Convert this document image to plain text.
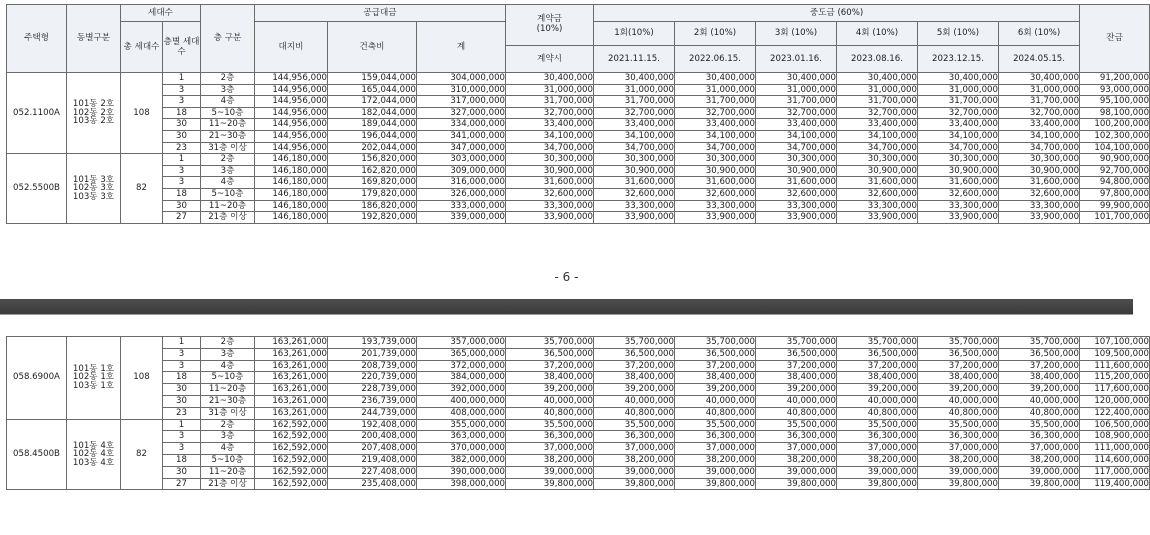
주택형	동별구분	세대수		층 구분	공급대금			계약금
(10%)	중도금 (60%)						잔금
		총 세대수	층별 세대수		대지비	건축비	계		1회(10%)	2회 (10%)	3회 (10%)	4회 (10%)	5회 (10%)	6회 (10%)	
								계약시	2021.11.15.	2022.06.15.	2023.01.16.	2023.08.16.	2023.12.15.	2024.05.15.	
052.1100A	101동 2호
102동 2호
103동 2호	108	1	2층	144,956,000	159,044,000	304,000,000	30,400,000	30,400,000	30,400,000	30,400,000	30,400,000	30,400,000	30,400,000	91,200,000
			3	3층	144,956,000	165,044,000	310,000,000	31,000,000	31,000,000	31,000,000	31,000,000	31,000,000	31,000,000	31,000,000	93,000,000
			3	4층	144,956,000	172,044,000	317,000,000	31,700,000	31,700,000	31,700,000	31,700,000	31,700,000	31,700,000	31,700,000	95,100,000
			18	5~10층	144,956,000	182,044,000	327,000,000	32,700,000	32,700,000	32,700,000	32,700,000	32,700,000	32,700,000	32,700,000	98,100,000
			30	11~20층	144,956,000	189,044,000	334,000,000	33,400,000	33,400,000	33,400,000	33,400,000	33,400,000	33,400,000	33,400,000	100,200,000
			30	21~30층	144,956,000	196,044,000	341,000,000	34,100,000	34,100,000	34,100,000	34,100,000	34,100,000	34,100,000	34,100,000	102,300,000
			23	31층 이상	144,956,000	202,044,000	347,000,000	34,700,000	34,700,000	34,700,000	34,700,000	34,700,000	34,700,000	34,700,000	104,100,000
052.5500B	101동 3호
102동 3호
103동 3호	82	1	2층	146,180,000	156,820,000	303,000,000	30,300,000	30,300,000	30,300,000	30,300,000	30,300,000	30,300,000	30,300,000	90,900,000
			3	3층	146,180,000	162,820,000	309,000,000	30,900,000	30,900,000	30,900,000	30,900,000	30,900,000	30,900,000	30,900,000	92,700,000
			3	4층	146,180,000	169,820,000	316,000,000	31,600,000	31,600,000	31,600,000	31,600,000	31,600,000	31,600,000	31,600,000	94,800,000
			18	5~10층	146,180,000	179,820,000	326,000,000	32,600,000	32,600,000	32,600,000	32,600,000	32,600,000	32,600,000	32,600,000	97,800,000
			30	11~20층	146,180,000	186,820,000	333,000,000	33,300,000	33,300,000	33,300,000	33,300,000	33,300,000	33,300,000	33,300,000	99,900,000
			27	21층 이상	146,180,000	192,820,000	339,000,000	33,900,000	33,900,000	33,900,000	33,900,000	33,900,000	33,900,000	33,900,000	101,700,000
- 6 -
058.6900A	101동 1호
102동 1호
103동 1호	108	1	2층	163,261,000	193,739,000	357,000,000	35,700,000	35,700,000	35,700,000	35,700,000	35,700,000	35,700,000	35,700,000	107,100,000
			3	3층	163,261,000	201,739,000	365,000,000	36,500,000	36,500,000	36,500,000	36,500,000	36,500,000	36,500,000	36,500,000	109,500,000
			3	4층	163,261,000	208,739,000	372,000,000	37,200,000	37,200,000	37,200,000	37,200,000	37,200,000	37,200,000	37,200,000	111,600,000
			18	5~10층	163,261,000	220,739,000	384,000,000	38,400,000	38,400,000	38,400,000	38,400,000	38,400,000	38,400,000	38,400,000	115,200,000
			30	11~20층	163,261,000	228,739,000	392,000,000	39,200,000	39,200,000	39,200,000	39,200,000	39,200,000	39,200,000	39,200,000	117,600,000
			30	21~30층	163,261,000	236,739,000	400,000,000	40,000,000	40,000,000	40,000,000	40,000,000	40,000,000	40,000,000	40,000,000	120,000,000
			23	31층 이상	163,261,000	244,739,000	408,000,000	40,800,000	40,800,000	40,800,000	40,800,000	40,800,000	40,800,000	40,800,000	122,400,000
058.4500B	101동 4호
102동 4호
103동 4호	82	1	2층	162,592,000	192,408,000	355,000,000	35,500,000	35,500,000	35,500,000	35,500,000	35,500,000	35,500,000	35,500,000	106,500,000
			3	3층	162,592,000	200,408,000	363,000,000	36,300,000	36,300,000	36,300,000	36,300,000	36,300,000	36,300,000	36,300,000	108,900,000
			3	4층	162,592,000	207,408,000	370,000,000	37,000,000	37,000,000	37,000,000	37,000,000	37,000,000	37,000,000	37,000,000	111,000,000
			18	5~10층	162,592,000	219,408,000	382,000,000	38,200,000	38,200,000	38,200,000	38,200,000	38,200,000	38,200,000	38,200,000	114,600,000
			30	11~20층	162,592,000	227,408,000	390,000,000	39,000,000	39,000,000	39,000,000	39,000,000	39,000,000	39,000,000	39,000,000	117,000,000
			27	21층 이상	162,592,000	235,408,000	398,000,000	39,800,000	39,800,000	39,800,000	39,800,000	39,800,000	39,800,000	39,800,000	119,400,000
